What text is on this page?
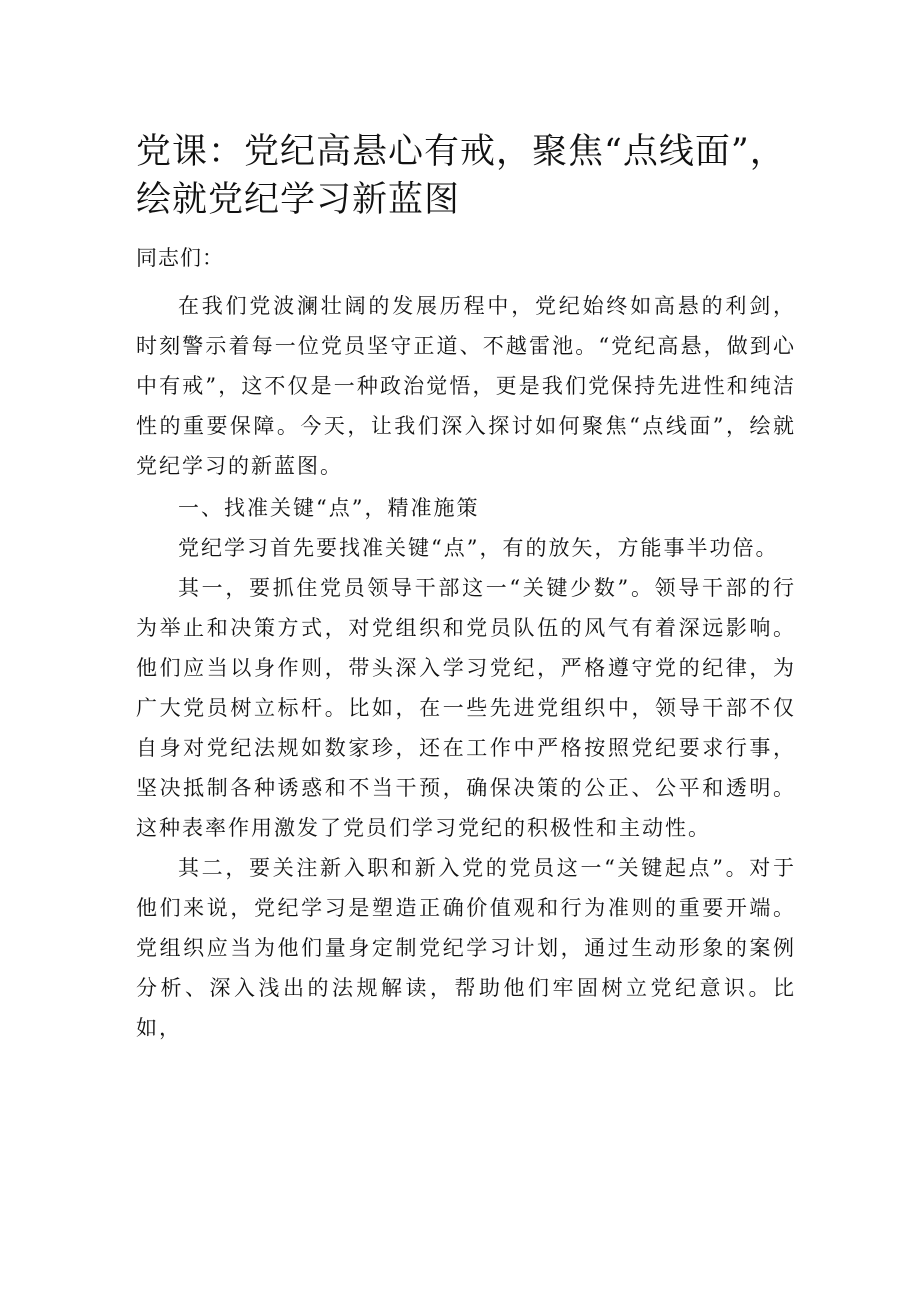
党课：党纪高悬心有戒，聚焦“点线面”，绘就党纪学习新蓝图

同志们：

在我们党波澜壮阔的发展历程中，党纪始终如高悬的利剑，时刻警示着每一位党员坚守正道、不越雷池。“党纪高悬，做到心中有戒”，这不仅是一种政治觉悟，更是我们党保持先进性和纯洁性的重要保障。今天，让我们深入探讨如何聚焦“点线面”，绘就党纪学习的新蓝图。

一、找准关键“点”，精准施策

党纪学习首先要找准关键“点”，有的放矢，方能事半功倍。

其一，要抓住党员领导干部这一“关键少数”。领导干部的行为举止和决策方式，对党组织和党员队伍的风气有着深远影响。他们应当以身作则，带头深入学习党纪，严格遵守党的纪律，为广大党员树立标杆。比如，在一些先进党组织中，领导干部不仅自身对党纪法规如数家珍，还在工作中严格按照党纪要求行事，坚决抵制各种诱惑和不当干预，确保决策的公正、公平和透明。这种表率作用激发了党员们学习党纪的积极性和主动性。

其二，要关注新入职和新入党的党员这一“关键起点”。对于他们来说，党纪学习是塑造正确价值观和行为准则的重要开端。党组织应当为他们量身定制党纪学习计划，通过生动形象的案例分析、深入浅出的法规解读，帮助他们牢固树立党纪意识。比如，
